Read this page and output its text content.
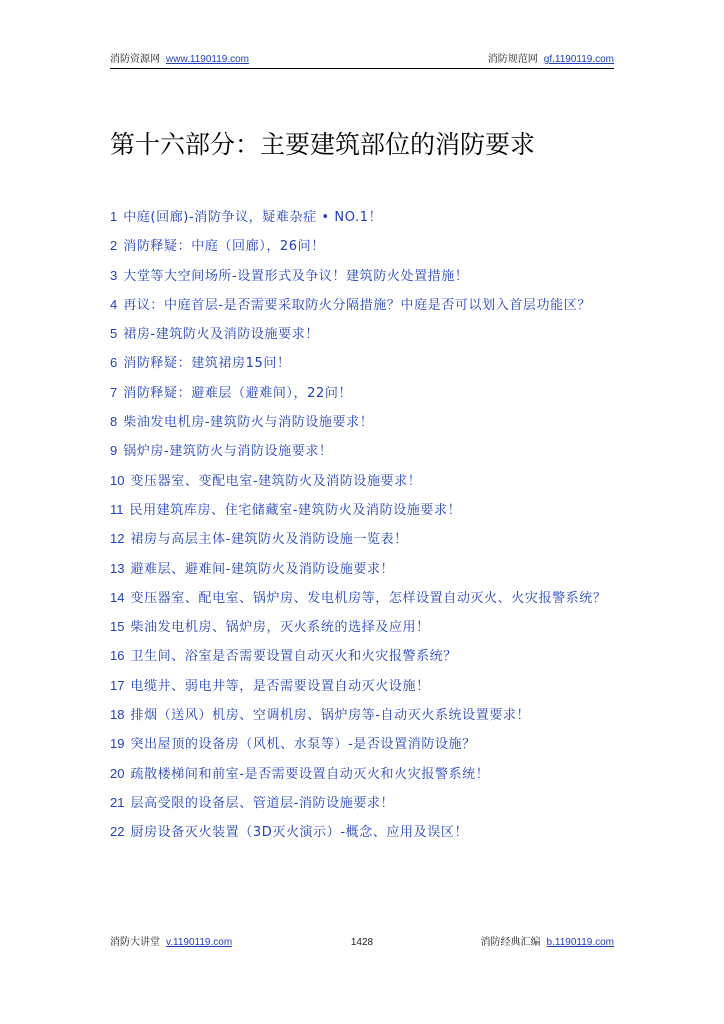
消防资源网 www.1190119.com	消防规范网 gf.1190119.com
第十六部分：主要建筑部位的消防要求
1 中庭(回廊)-消防争议，疑难杂症 • NO.1！
2 消防释疑：中庭（回廊），26问！
3 大堂等大空间场所-设置形式及争议！建筑防火处置措施！
4 再议：中庭首层-是否需要采取防火分隔措施？中庭是否可以划入首层功能区？
5 裙房-建筑防火及消防设施要求！
6 消防释疑：建筑裙房15问！
7 消防释疑：避难层（避难间），22问！
8 柴油发电机房-建筑防火与消防设施要求！
9 锅炉房-建筑防火与消防设施要求！
10 变压器室、变配电室-建筑防火及消防设施要求！
11 民用建筑库房、住宅储藏室-建筑防火及消防设施要求！
12 裙房与高层主体-建筑防火及消防设施一览表！
13 避难层、避难间-建筑防火及消防设施要求！
14 变压器室、配电室、锅炉房、发电机房等，怎样设置自动灭火、火灾报警系统？
15 柴油发电机房、锅炉房，灭火系统的选择及应用！
16 卫生间、浴室是否需要设置自动灭火和火灾报警系统？
17 电缆井、弱电井等，是否需要设置自动灭火设施！
18 排烟（送风）机房、空调机房、锅炉房等-自动灭火系统设置要求！
19 突出屋顶的设备房（风机、水泵等）-是否设置消防设施？
20 疏散楼梯间和前室-是否需要设置自动灭火和火灾报警系统！
21 层高受限的设备层、管道层-消防设施要求！
22 厨房设备灭火装置（3D灭火演示）-概念、应用及误区！
1428
消防大讲堂 v.1190119.com	消防经典汇编 b.1190119.com
